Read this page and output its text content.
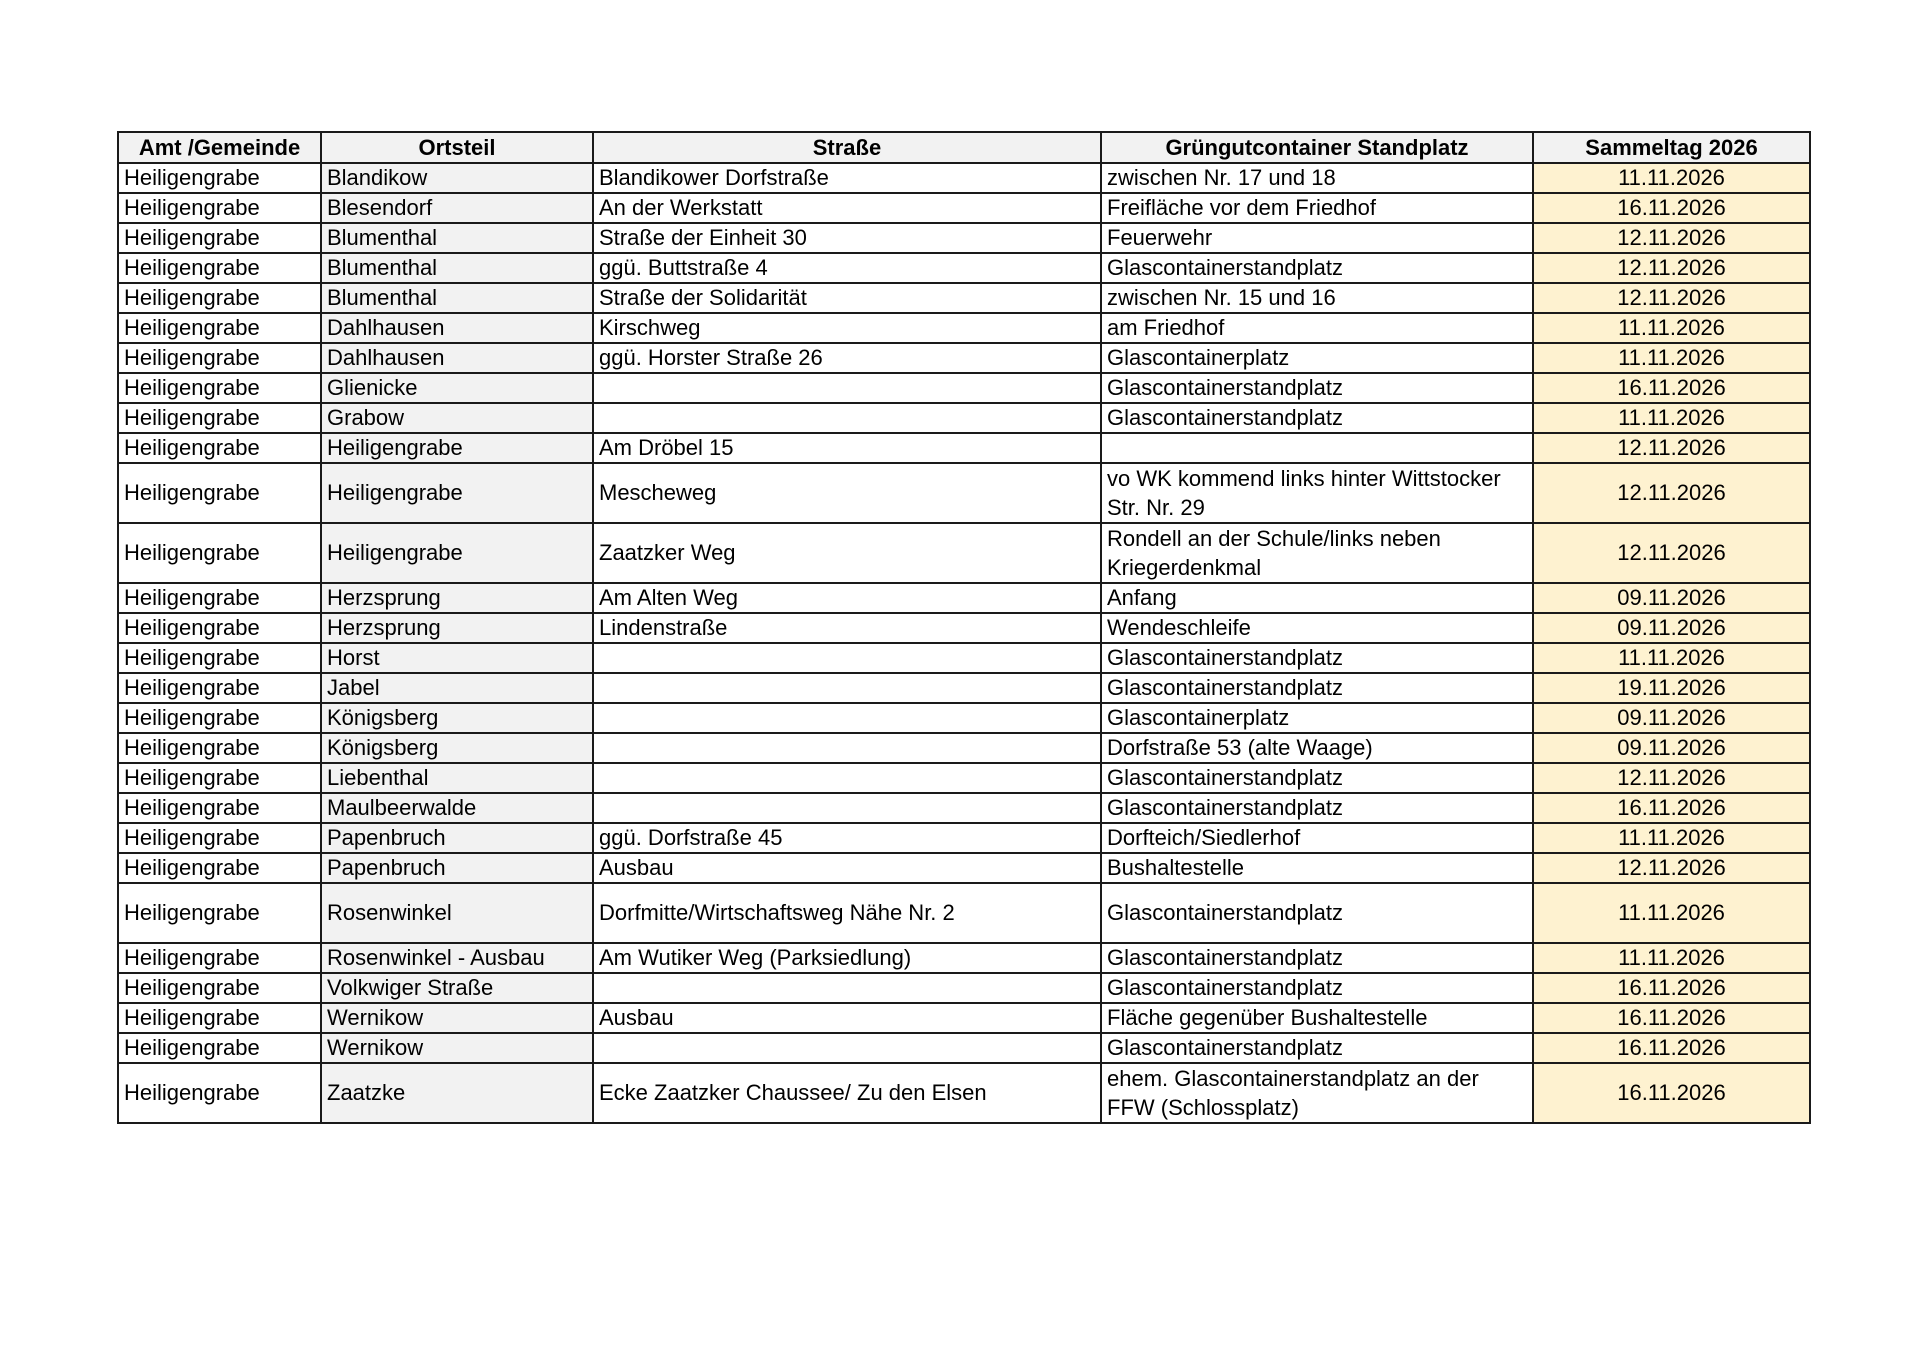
Amt /Gemeinde	Ortsteil	Straße	Grüngutcontainer Standplatz	Sammeltag 2026
Heiligengrabe	Blandikow	Blandikower Dorfstraße	zwischen Nr. 17 und 18	11.11.2026
Heiligengrabe	Blesendorf	An der Werkstatt	Freifläche vor dem Friedhof	16.11.2026
Heiligengrabe	Blumenthal	Straße der Einheit 30	Feuerwehr	12.11.2026
Heiligengrabe	Blumenthal	ggü. Buttstraße 4	Glascontainerstandplatz	12.11.2026
Heiligengrabe	Blumenthal	Straße der Solidarität	zwischen Nr. 15 und 16	12.11.2026
Heiligengrabe	Dahlhausen	Kirschweg	am Friedhof	11.11.2026
Heiligengrabe	Dahlhausen	ggü. Horster Straße 26	Glascontainerplatz	11.11.2026
Heiligengrabe	Glienicke		Glascontainerstandplatz	16.11.2026
Heiligengrabe	Grabow		Glascontainerstandplatz	11.11.2026
Heiligengrabe	Heiligengrabe	Am Dröbel 15		12.11.2026
Heiligengrabe	Heiligengrabe	Mescheweg	vo WK kommend links hinter Wittstocker Str. Nr. 29	12.11.2026
Heiligengrabe	Heiligengrabe	Zaatzker Weg	Rondell an der Schule/links neben Kriegerdenkmal	12.11.2026
Heiligengrabe	Herzsprung	Am Alten Weg	Anfang	09.11.2026
Heiligengrabe	Herzsprung	Lindenstraße	Wendeschleife	09.11.2026
Heiligengrabe	Horst		Glascontainerstandplatz	11.11.2026
Heiligengrabe	Jabel		Glascontainerstandplatz	19.11.2026
Heiligengrabe	Königsberg		Glascontainerplatz	09.11.2026
Heiligengrabe	Königsberg		Dorfstraße 53 (alte Waage)	09.11.2026
Heiligengrabe	Liebenthal		Glascontainerstandplatz	12.11.2026
Heiligengrabe	Maulbeerwalde		Glascontainerstandplatz	16.11.2026
Heiligengrabe	Papenbruch	ggü. Dorfstraße 45	Dorfteich/Siedlerhof	11.11.2026
Heiligengrabe	Papenbruch	Ausbau	Bushaltestelle	12.11.2026
Heiligengrabe	Rosenwinkel	Dorfmitte/Wirtschaftsweg Nähe Nr. 2	Glascontainerstandplatz	11.11.2026
Heiligengrabe	Rosenwinkel - Ausbau	Am Wutiker Weg (Parksiedlung)	Glascontainerstandplatz	11.11.2026
Heiligengrabe	Volkwiger Straße		Glascontainerstandplatz	16.11.2026
Heiligengrabe	Wernikow	Ausbau	Fläche gegenüber Bushaltestelle	16.11.2026
Heiligengrabe	Wernikow		Glascontainerstandplatz	16.11.2026
Heiligengrabe	Zaatzke	Ecke Zaatzker Chaussee/ Zu den Elsen	ehem. Glascontainerstandplatz an der FFW (Schlossplatz)	16.11.2026
